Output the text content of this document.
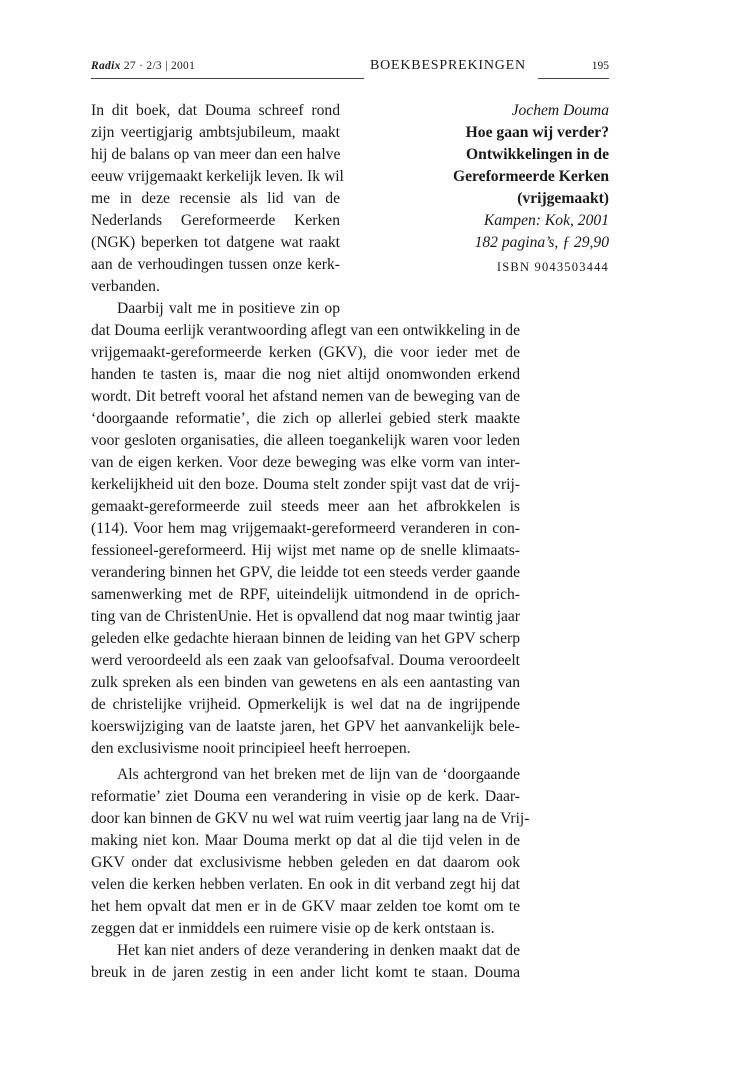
Radix 27 · 2/3 | 2001	BOEKBESPREKINGEN	195
Jochem Douma
Hoe gaan wij verder?
Ontwikkelingen in de
Gereformeerde Kerken
(vrijgemaakt)
Kampen: Kok, 2001
182 pagina’s, ƒ 29,90
ISBN 9043503444
In dit boek, dat Douma schreef rond
zijn veertigjarig ambtsjubileum, maakt
hij de balans op van meer dan een halve
eeuw vrijgemaakt kerkelijk leven. Ik wil
me in deze recensie als lid van de
Nederlands Gereformeerde Kerken
(NGK) beperken tot datgene wat raakt
aan de verhoudingen tussen onze kerk-
verbanden.
Daarbij valt me in positieve zin op
dat Douma eerlijk verantwoording aflegt van een ontwikkeling in de
vrijgemaakt-gereformeerde kerken (GKV), die voor ieder met de
handen te tasten is, maar die nog niet altijd onomwonden erkend
wordt. Dit betreft vooral het afstand nemen van de beweging van de
‘doorgaande reformatie’, die zich op allerlei gebied sterk maakte
voor gesloten organisaties, die alleen toegankelijk waren voor leden
van de eigen kerken. Voor deze beweging was elke vorm van inter-
kerkelijkheid uit den boze. Douma stelt zonder spijt vast dat de vrij-
gemaakt-gereformeerde zuil steeds meer aan het afbrokkelen is
(114). Voor hem mag vrijgemaakt-gereformeerd veranderen in con-
fessioneel-gereformeerd. Hij wijst met name op de snelle klimaats-
verandering binnen het GPV, die leidde tot een steeds verder gaande
samenwerking met de RPF, uiteindelijk uitmondend in de oprich-
ting van de ChristenUnie. Het is opvallend dat nog maar twintig jaar
geleden elke gedachte hieraan binnen de leiding van het GPV scherp
werd veroordeeld als een zaak van geloofsafval. Douma veroordeelt
zulk spreken als een binden van gewetens en als een aantasting van
de christelijke vrijheid. Opmerkelijk is wel dat na de ingrijpende
koerswijziging van de laatste jaren, het GPV het aanvankelijk bele-
den exclusivisme nooit principieel heeft herroepen.
Als achtergrond van het breken met de lijn van de ‘doorgaande
reformatie’ ziet Douma een verandering in visie op de kerk. Daar-
door kan binnen de GKV nu wel wat ruim veertig jaar lang na de Vrij-
making niet kon. Maar Douma merkt op dat al die tijd velen in de
GKV onder dat exclusivisme hebben geleden en dat daarom ook
velen die kerken hebben verlaten. En ook in dit verband zegt hij dat
het hem opvalt dat men er in de GKV maar zelden toe komt om te
zeggen dat er inmiddels een ruimere visie op de kerk ontstaan is.
Het kan niet anders of deze verandering in denken maakt dat de
breuk in de jaren zestig in een ander licht komt te staan. Douma
